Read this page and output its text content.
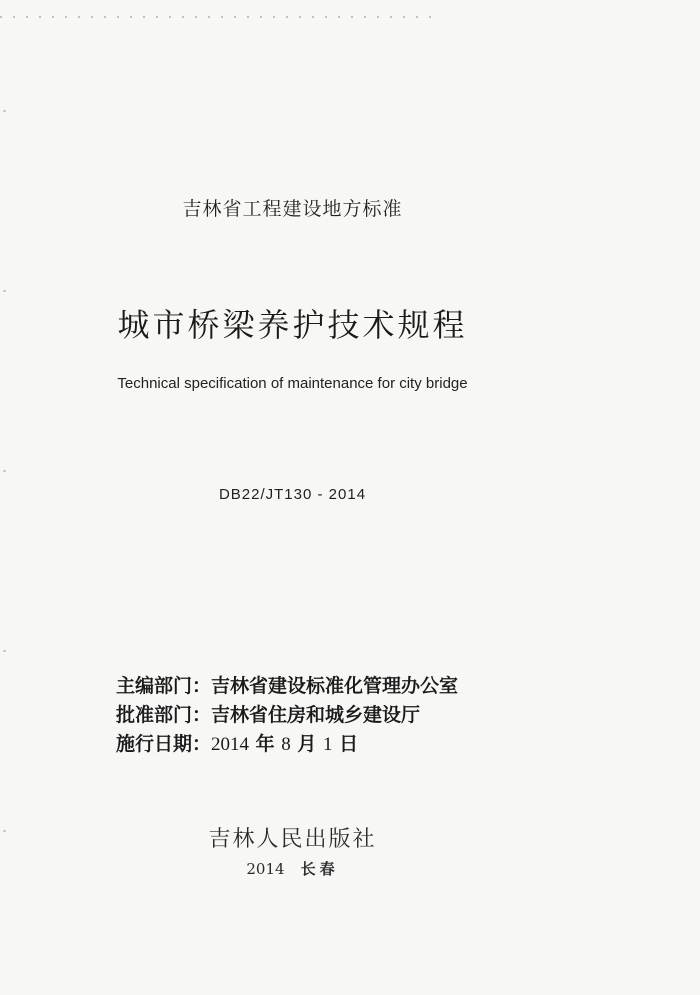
吉林省工程建设地方标准
城市桥梁养护技术规程
Technical specification of maintenance for city bridge
DB22/JT130 - 2014
主编部门：吉林省建设标准化管理办公室
批准部门：吉林省住房和城乡建设厅
施行日期：2014 年 8 月 1 日
吉林人民出版社
2014 长春
